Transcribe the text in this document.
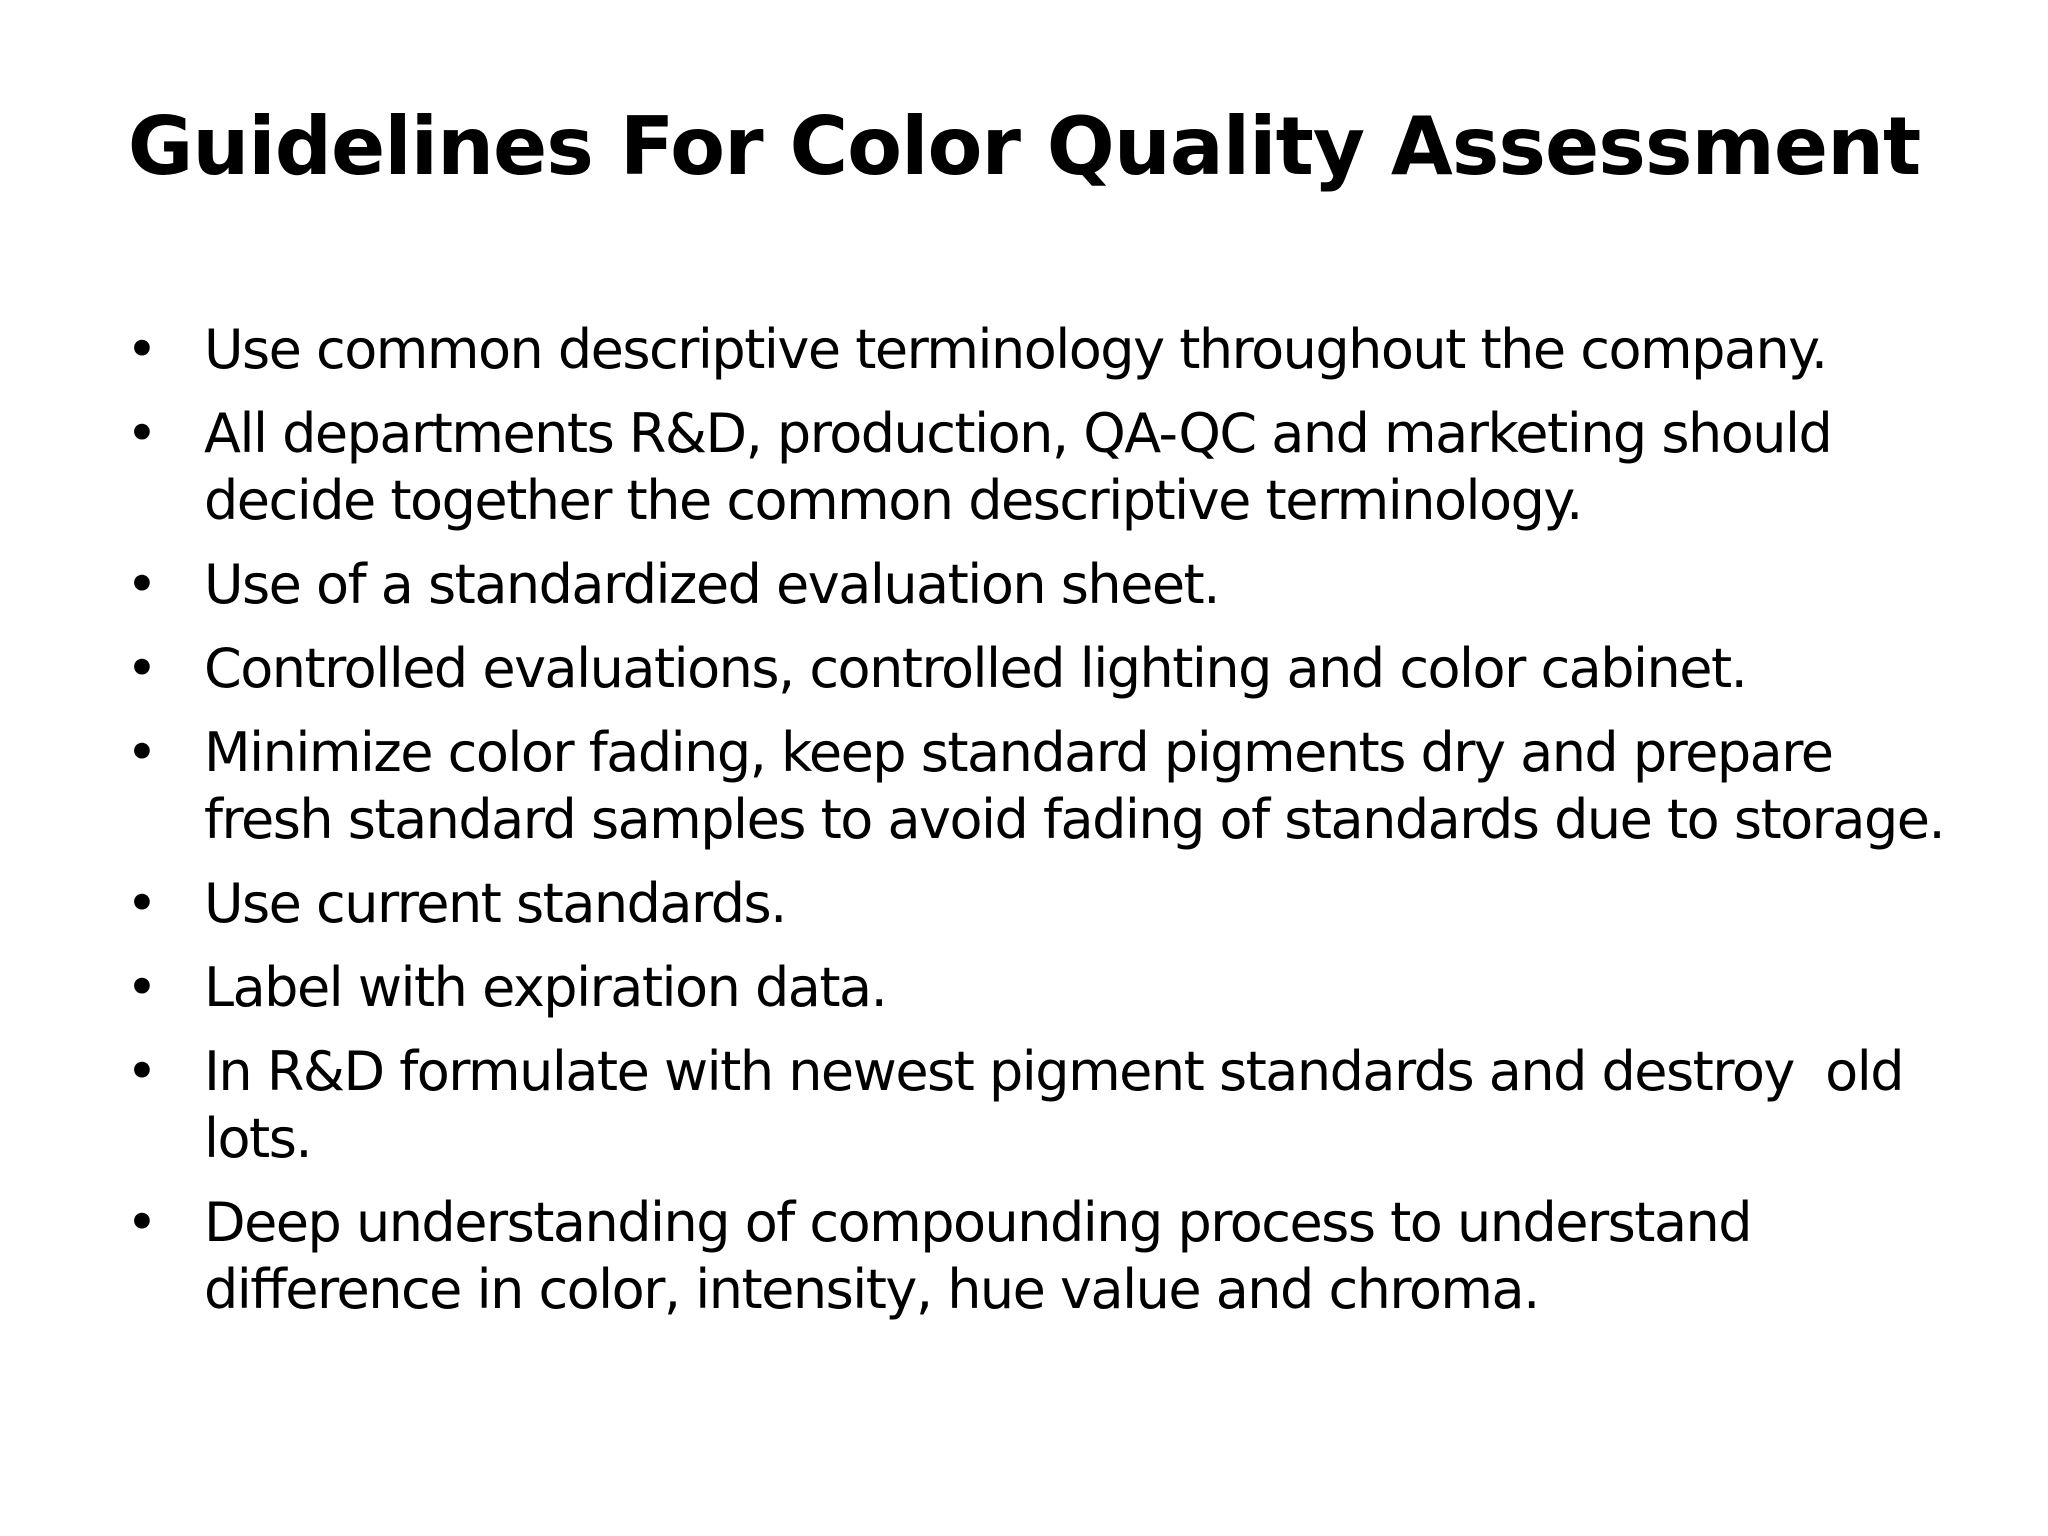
Guidelines For Color Quality Assessment
• Use common descriptive terminology throughout the company.
• All departments R&D, production, QA-QC and marketing should decide together the common descriptive terminology.
• Use of a standardized evaluation sheet.
• Controlled evaluations, controlled lighting and color cabinet.
• Minimize color fading, keep standard pigments dry and prepare fresh standard samples to avoid fading of standards due to storage.
• Use current standards.
• Label with expiration data.
• In R&D formulate with newest pigment standards and destroy  old lots.
• Deep understanding of compounding process to understand difference in color, intensity, hue value and chroma.
